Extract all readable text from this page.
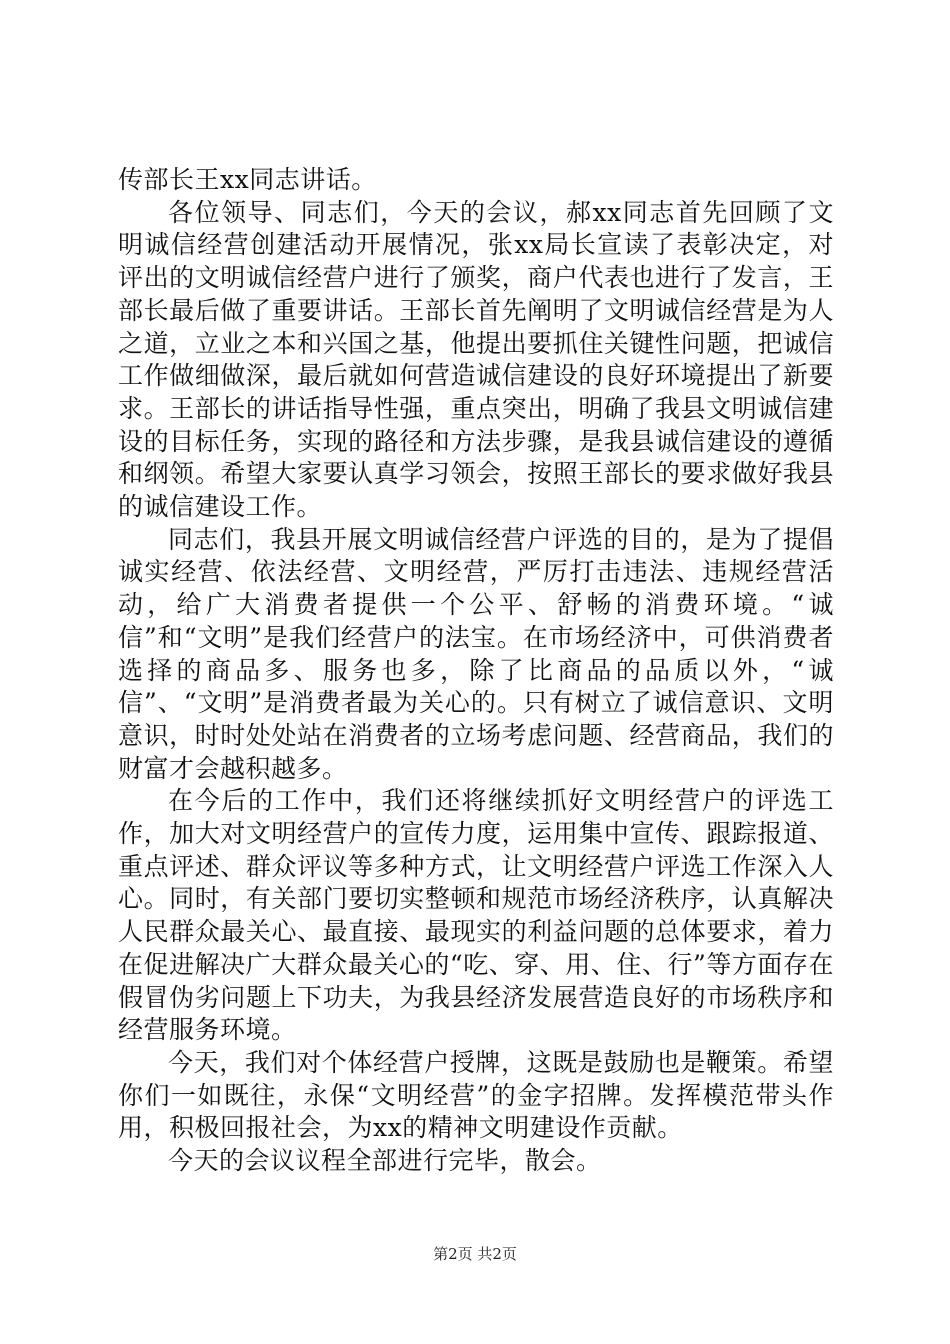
传部长王xx同志讲话。

各位领导、同志们，今天的会议，郝xx同志首先回顾了文明诚信经营创建活动开展情况，张xx局长宣读了表彰决定，对评出的文明诚信经营户进行了颁奖，商户代表也进行了发言，王部长最后做了重要讲话。王部长首先阐明了文明诚信经营是为人之道，立业之本和兴国之基，他提出要抓住关键性问题，把诚信工作做细做深，最后就如何营造诚信建设的良好环境提出了新要求。王部长的讲话指导性强，重点突出，明确了我县文明诚信建设的目标任务，实现的路径和方法步骤，是我县诚信建设的遵循和纲领。希望大家要认真学习领会，按照王部长的要求做好我县的诚信建设工作。

同志们，我县开展文明诚信经营户评选的目的，是为了提倡诚实经营、依法经营、文明经营，严厉打击违法、违规经营活动，给广大消费者提供一个公平、舒畅的消费环境。“诚信”和“文明”是我们经营户的法宝。在市场经济中，可供消费者选择的商品多、服务也多，除了比商品的品质以外，“诚信”、“文明”是消费者最为关心的。只有树立了诚信意识、文明意识，时时处处站在消费者的立场考虑问题、经营商品，我们的财富才会越积越多。

在今后的工作中，我们还将继续抓好文明经营户的评选工作，加大对文明经营户的宣传力度，运用集中宣传、跟踪报道、重点评述、群众评议等多种方式，让文明经营户评选工作深入人心。同时，有关部门要切实整顿和规范市场经济秩序，认真解决人民群众最关心、最直接、最现实的利益问题的总体要求，着力在促进解决广大群众最关心的“吃、穿、用、住、行”等方面存在假冒伪劣问题上下功夫，为我县经济发展营造良好的市场秩序和经营服务环境。

今天，我们对个体经营户授牌，这既是鼓励也是鞭策。希望你们一如既往，永保“文明经营”的金字招牌。发挥模范带头作用，积极回报社会，为xx的精神文明建设作贡献。

今天的会议议程全部进行完毕，散会。

第2页 共2页
